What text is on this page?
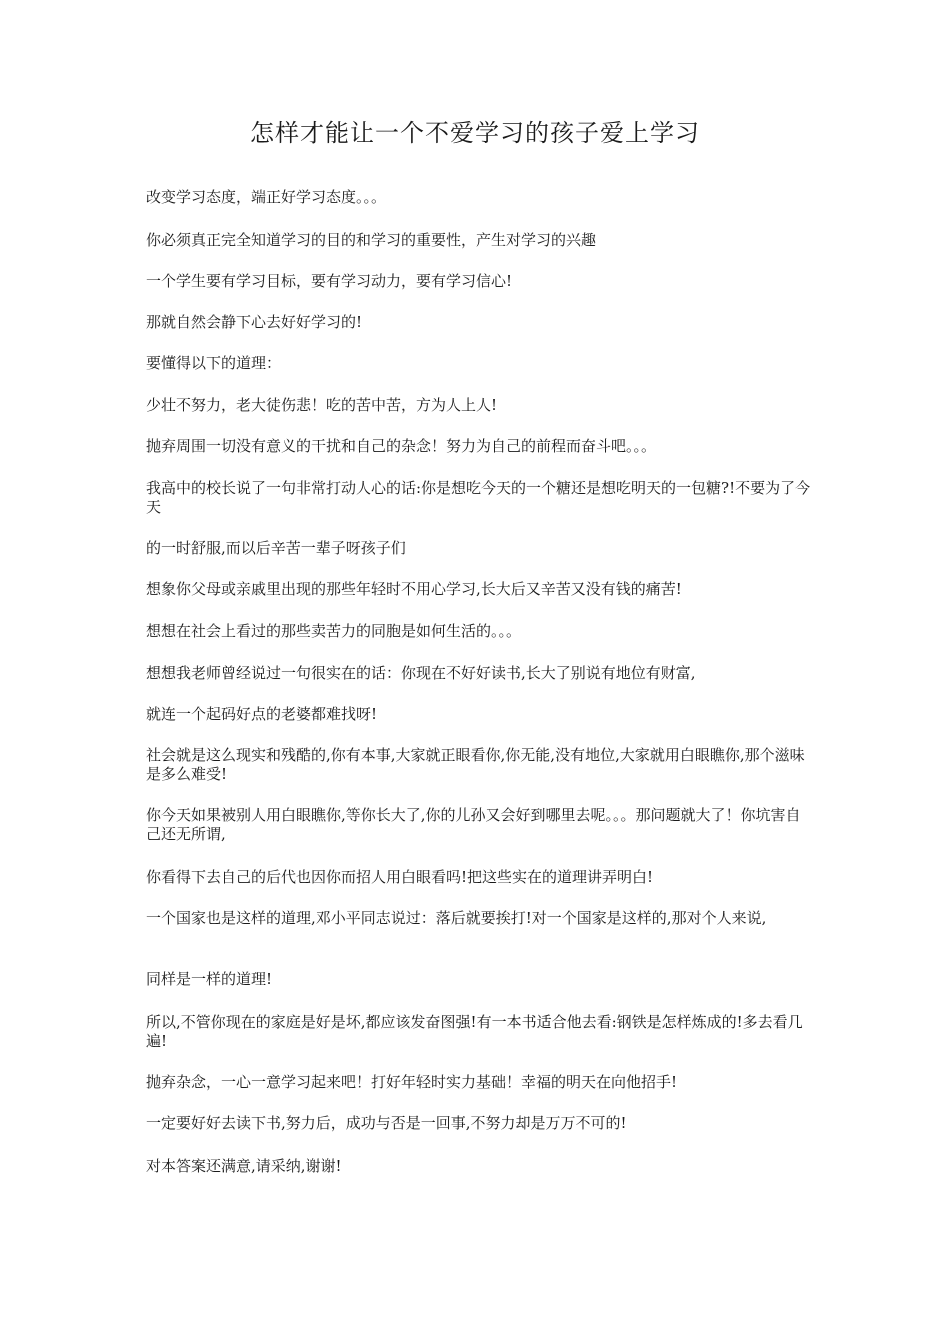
怎样才能让一个不爱学习的孩子爱上学习

改变学习态度，端正好学习态度。。。

你必须真正完全知道学习的目的和学习的重要性，产生对学习的兴趣

一个学生要有学习目标，要有学习动力，要有学习信心!

那就自然会静下心去好好学习的!

要懂得以下的道理：

少壮不努力，老大徒伤悲！吃的苦中苦，方为人上人!

抛弃周围一切没有意义的干扰和自己的杂念！努力为自己的前程而奋斗吧。。。

我高中的校长说了一句非常打动人心的话:你是想吃今天的一个糖还是想吃明天的一包糖?!不要为了今天

的一时舒服,而以后辛苦一辈子呀孩子们

想象你父母或亲戚里出现的那些年轻时不用心学习,长大后又辛苦又没有钱的痛苦!

想想在社会上看过的那些卖苦力的同胞是如何生活的。。。

想想我老师曾经说过一句很实在的话：你现在不好好读书,长大了别说有地位有财富,

就连一个起码好点的老婆都难找呀!

社会就是这么现实和残酷的,你有本事,大家就正眼看你,你无能,没有地位,大家就用白眼瞧你,那个滋味是多么难受!

你今天如果被别人用白眼瞧你,等你长大了,你的儿孙又会好到哪里去呢。。。那问题就大了！你坑害自己还无所谓,

你看得下去自己的后代也因你而招人用白眼看吗!把这些实在的道理讲弄明白!

一个国家也是这样的道理,邓小平同志说过：落后就要挨打!对一个国家是这样的,那对个人来说,

同样是一样的道理!

所以,不管你现在的家庭是好是坏,都应该发奋图强!有一本书适合他去看:钢铁是怎样炼成的!多去看几遍!

抛弃杂念，一心一意学习起来吧！打好年轻时实力基础！幸福的明天在向他招手!

一定要好好去读下书,努力后，成功与否是一回事,不努力却是万万不可的!

对本答案还满意,请采纳,谢谢!
